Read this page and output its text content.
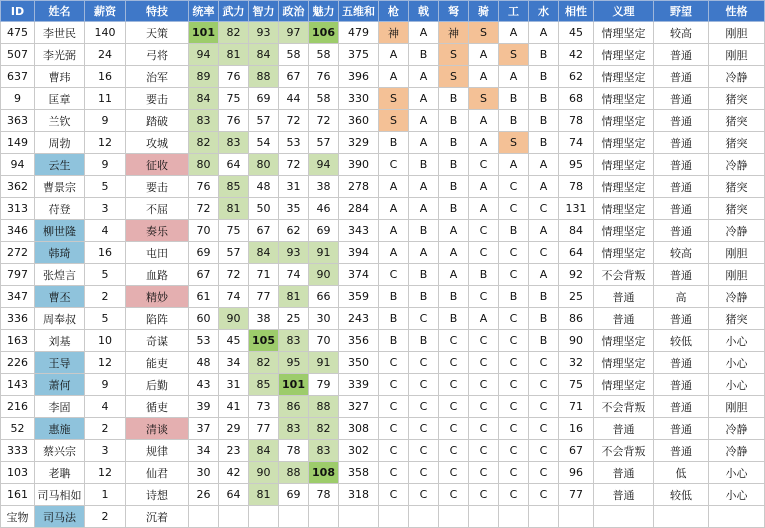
ID	姓名	薪资	特技	统率	武力	智力	政治	魅力	五维和	枪	戟	弩	骑	工	水	相性	义理	野望	性格
475	李世民	140	天策	101	82	93	97	106	479	神	A	神	S	A	A	45	情理坚定	较高	刚胆
507	李光弼	24	弓将	94	81	84	58	58	375	A	B	S	A	S	B	42	情理坚定	普通	刚胆
637	曹玮	16	治军	89	76	88	67	76	396	A	A	S	A	A	B	62	情理坚定	普通	冷静
9	匡章	11	要击	84	75	69	44	58	330	S	A	B	S	B	B	68	情理坚定	普通	猪突
363	兰钦	9	踏破	83	76	57	72	72	360	S	A	B	A	B	B	78	情理坚定	普通	猪突
149	周勃	12	攻城	82	83	54	53	57	329	B	A	B	A	S	B	74	情理坚定	普通	猪突
94	云生	9	征收	80	64	80	72	94	390	C	B	B	C	A	A	95	情理坚定	普通	冷静
362	曹景宗	5	要击	76	85	48	31	38	278	A	A	B	A	C	A	78	情理坚定	普通	猪突
313	苻登	3	不屈	72	81	50	35	46	284	A	A	B	A	C	C	131	情理坚定	普通	猪突
346	柳世隆	4	奏乐	70	75	67	62	69	343	A	B	A	C	B	A	84	情理坚定	普通	冷静
272	韩琦	16	屯田	69	57	84	93	91	394	A	A	A	C	C	C	64	情理坚定	较高	刚胆
797	张煌言	5	血路	67	72	71	74	90	374	C	B	A	B	C	A	92	不会背叛	普通	刚胆
347	曹丕	2	精妙	61	74	77	81	66	359	B	B	B	C	B	B	25	普通	高	冷静
336	周奉叔	5	陷阵	60	90	38	25	30	243	B	C	B	A	C	B	86	普通	普通	猪突
163	刘基	10	奇谋	53	45	105	83	70	356	B	B	C	C	C	B	90	情理坚定	较低	小心
226	王导	12	能吏	48	34	82	95	91	350	C	C	C	C	C	C	32	情理坚定	普通	小心
143	萧何	9	后勤	43	31	85	101	79	339	C	C	C	C	C	C	75	情理坚定	普通	小心
216	李固	4	循吏	39	41	73	86	88	327	C	C	C	C	C	C	71	不会背叛	普通	刚胆
52	惠施	2	清谈	37	29	77	83	82	308	C	C	C	C	C	C	16	普通	普通	冷静
333	蔡兴宗	3	规律	34	23	84	78	83	302	C	C	C	C	C	C	67	不会背叛	普通	冷静
103	老聃	12	仙君	30	42	90	88	108	358	C	C	C	C	C	C	96	普通	低	小心
161	司马相如	1	诗想	26	64	81	69	78	318	C	C	C	C	C	C	77	普通	较低	小心
宝物	司马法	2	沉着																
